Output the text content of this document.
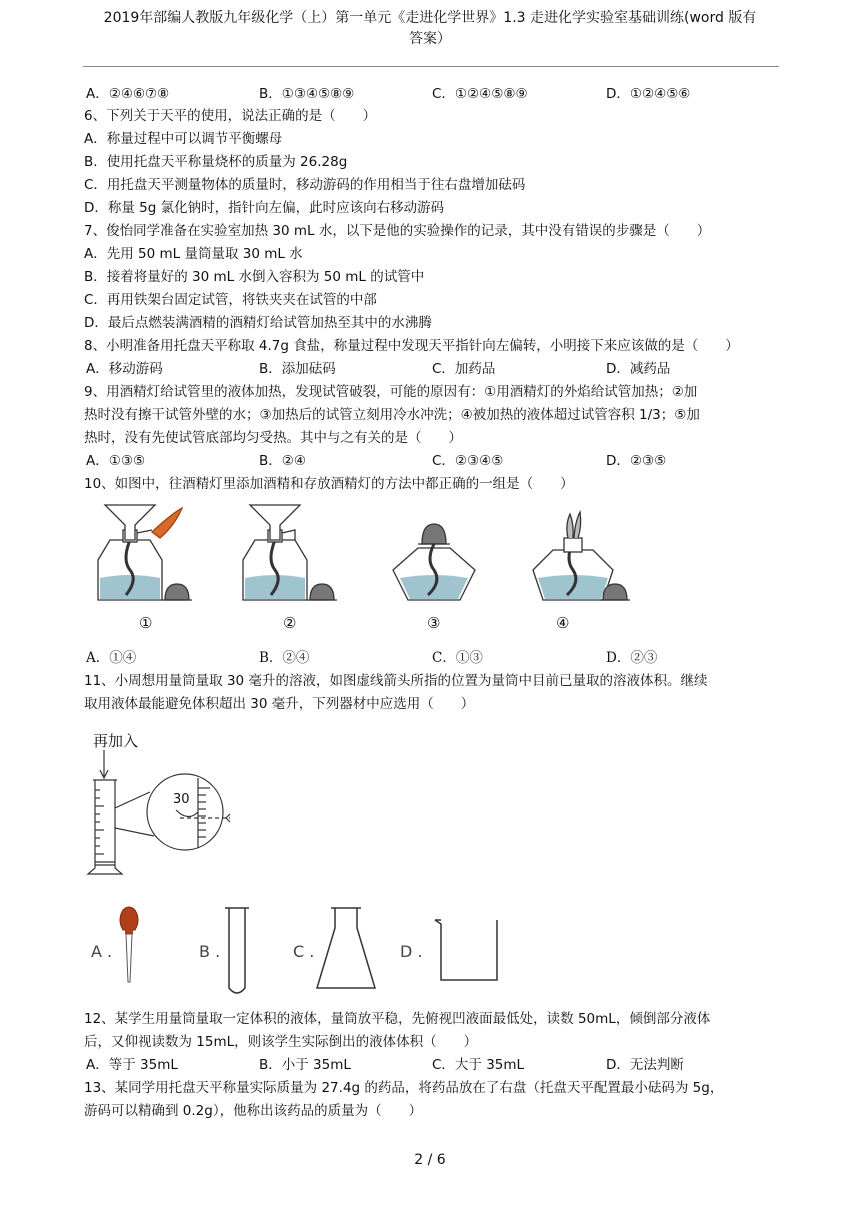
2019年部编人教版九年级化学（上）第一单元《走进化学世界》1.3 走进化学实验室基础训练(word 版有
答案）
A．②④⑥⑦⑧	B．①③④⑤⑧⑨	C．①②④⑤⑧⑨	D．①②④⑤⑥
6、下列关于天平的使用，说法正确的是（　　）
A．称量过程中可以调节平衡螺母
B．使用托盘天平称量烧杯的质量为 26.28g
C．用托盘天平测量物体的质量时，移动游码的作用相当于往右盘增加砝码
D．称量 5g 氯化钠时，指针向左偏，此时应该向右移动游码
7、俊怡同学准备在实验室加热 30 mL 水，以下是他的实验操作的记录，其中没有错误的步骤是（　　）
A．先用 50 mL 量筒量取 30 mL 水
B．接着将量好的 30 mL 水倒入容积为 50 mL 的试管中
C．再用铁架台固定试管，将铁夹夹在试管的中部
D．最后点燃装满酒精的酒精灯给试管加热至其中的水沸腾
8、小明准备用托盘天平称取 4.7g 食盐，称量过程中发现天平指针向左偏转，小明接下来应该做的是（　　）
A．移动游码	B．添加砝码	C．加药品	D．减药品
9、用酒精灯给试管里的液体加热，发现试管破裂，可能的原因有：①用酒精灯的外焰给试管加热；②加
热时没有擦干试管外壁的水；③加热后的试管立刻用冷水冲洗；④被加热的液体超过试管容积 1/3；⑤加
热时，没有先使试管底部均匀受热。其中与之有关的是（　　）
A．①③⑤	B．②④	C．②③④⑤	D．②③⑤
10、如图中，往酒精灯里添加酒精和存放酒精灯的方法中都正确的一组是（　　）
①	②	③	④
A．①④	B．②④	C．①③	D．②③
11、小周想用量筒量取 30 毫升的溶液，如图虚线箭头所指的位置为量筒中目前已量取的溶液体积。继续
取用液体最能避免体积超出 30 毫升，下列器材中应选用（　　）
再加入
30
A .	B .	C .	D .
12、某学生用量筒量取一定体积的液体，量筒放平稳，先俯视凹液面最低处，读数 50mL，倾倒部分液体
后，又仰视读数为 15mL，则该学生实际倒出的液体体积（　　）
A．等于 35mL	B．小于 35mL	C．大于 35mL	D．无法判断
13、某同学用托盘天平称量实际质量为 27.4g 的药品，将药品放在了右盘（托盘天平配置最小砝码为 5g，
游码可以精确到 0.2g），他称出该药品的质量为（　　）
2 / 6
